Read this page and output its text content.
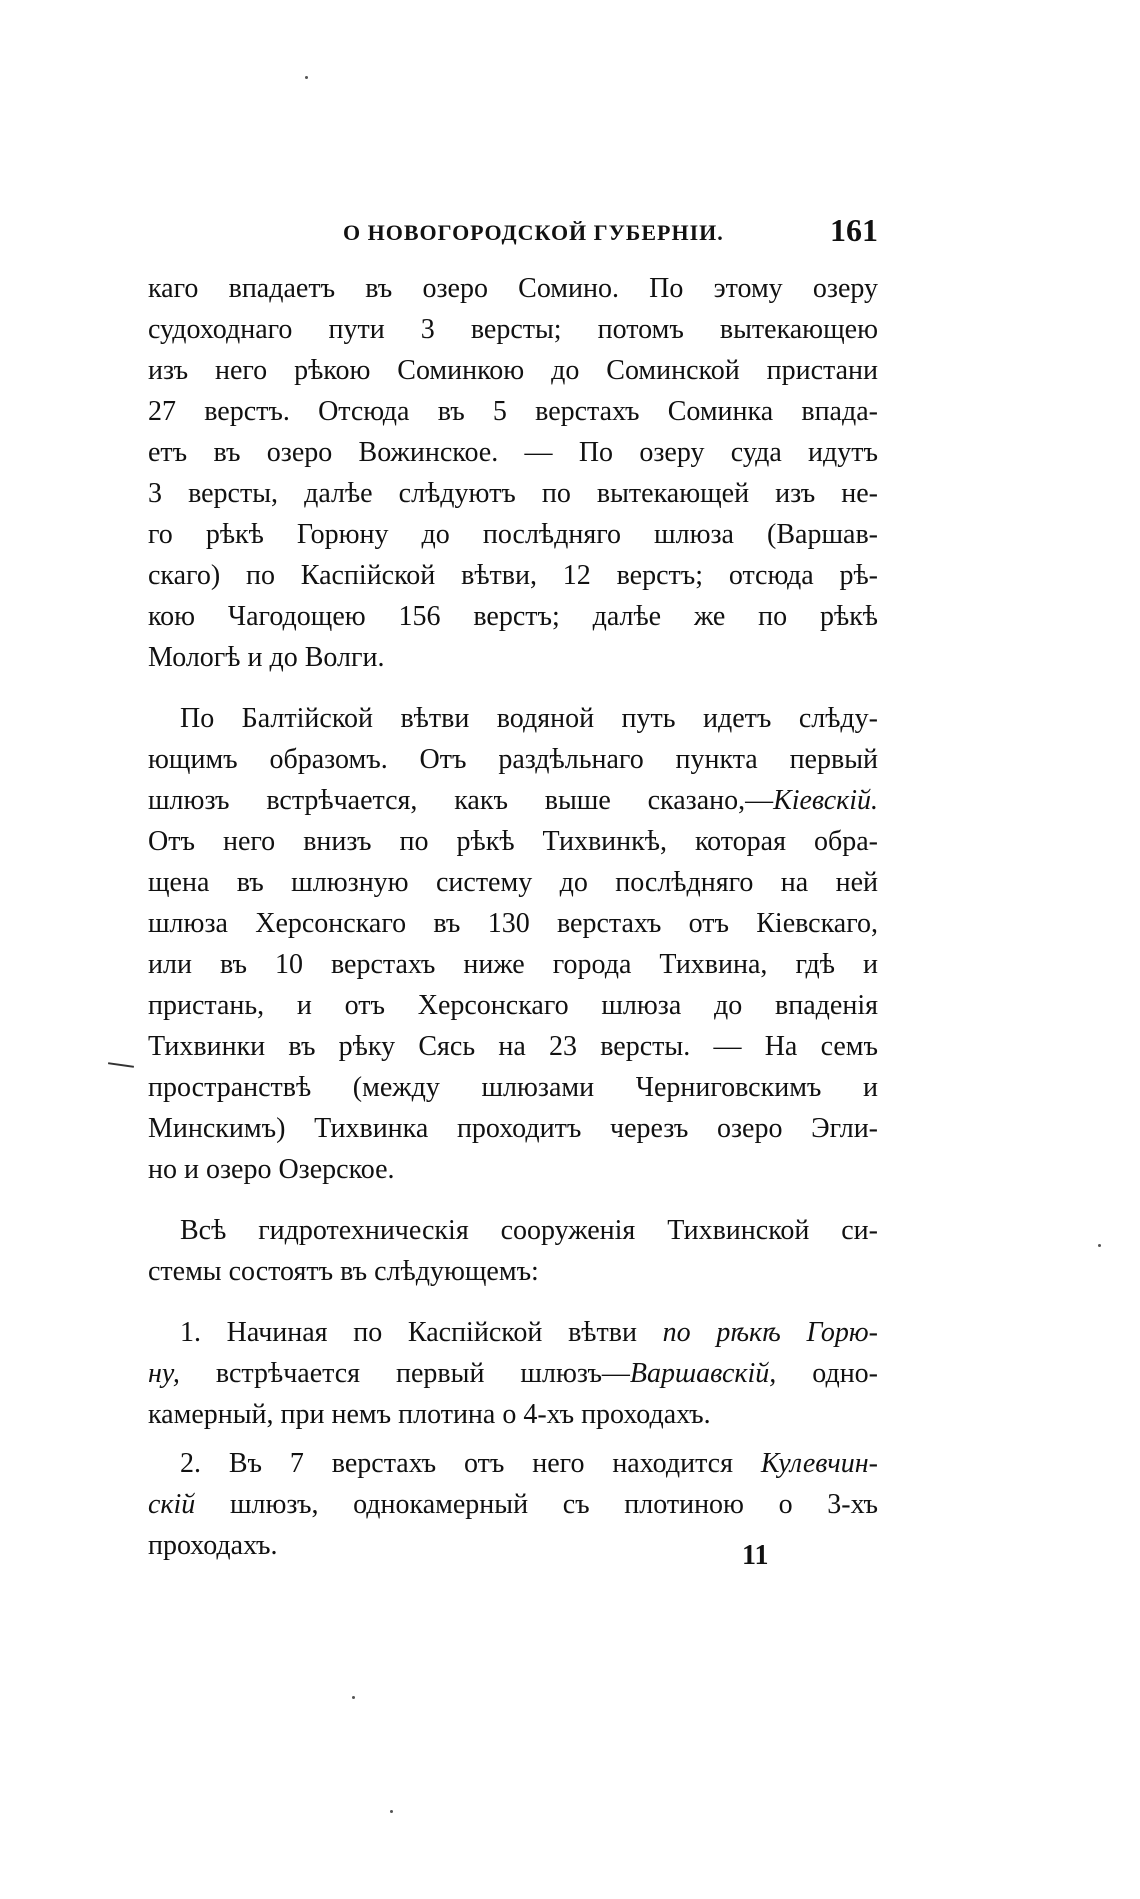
О НОВОГОРОДСКОЙ ГУБЕРНІИ.	161

каго впадаетъ въ озеро Сомино. По этому озеру
судоходнаго пути 3 версты; потомъ вытекающею
изъ него рѣкою Соминкою до Соминской пристани
27 верстъ. Отсюда въ 5 верстахъ Соминка впада-
етъ въ озеро Вожинское. — По озеру суда идутъ
3 версты, далѣе слѣдуютъ по вытекающей изъ не-
го рѣкѣ Горюну до послѣдняго шлюза (Варшав-
скаго) по Каспійской вѣтви, 12 верстъ; отсюда рѣ-
кою Чагодощею 156 верстъ; далѣе же по рѣкѣ
Мологѣ и до Волги.

По Балтійской вѣтви водяной путь идетъ слѣду-
ющимъ образомъ. Отъ раздѣльнаго пункта первый
шлюзъ встрѣчается, какъ выше сказано,—Кіевскій.
Отъ него внизъ по рѣкѣ Тихвинкѣ, которая обра-
щена въ шлюзную систему до послѣдняго на ней
шлюза Херсонскаго въ 130 верстахъ отъ Кіевскаго,
или въ 10 верстахъ ниже города Тихвина, гдѣ и
пристань, и отъ Херсонскаго шлюза до впаденія
Тихвинки въ рѣку Сясь на 23 версты. — На семъ
пространствѣ (между шлюзами Черниговскимъ и
Минскимъ) Тихвинка проходитъ черезъ озеро Эгли-
но и озеро Озерское.

Всѣ гидротехническія сооруженія Тихвинской си-
стемы состоятъ въ слѣдующемъ:

1. Начиная по Каспійской вѣтви по рѣкѣ Горю-
ну, встрѣчается первый шлюзъ—Варшавскій, одно-
камерный, при немъ плотина о 4-хъ проходахъ.

2. Въ 7 верстахъ отъ него находится Кулевчин-
скій шлюзъ, однокамерный съ плотиною о 3-хъ
проходахъ.	11
